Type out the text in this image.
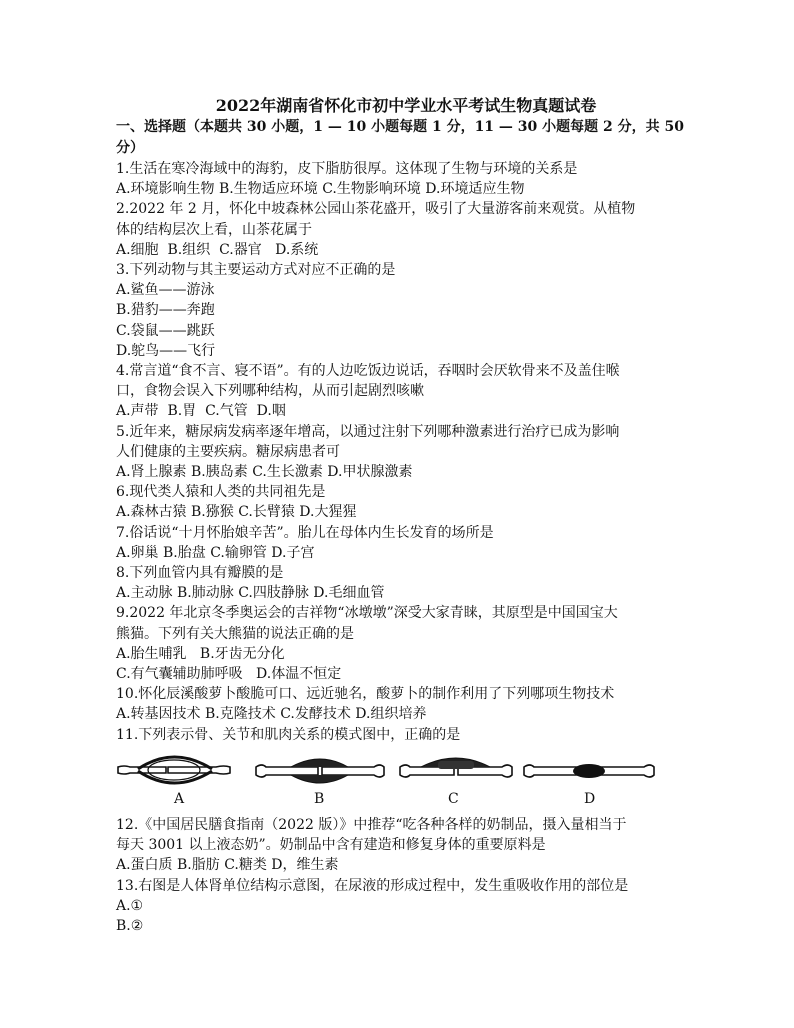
2022年湖南省怀化市初中学业水平考试生物真题试卷

一、选择题（本题共 30 小题，1 — 10 小题每题 1 分，11 — 30 小题每题 2 分，共 50 分）
1.生活在寒冷海域中的海豹，皮下脂肪很厚。这体现了生物与环境的关系是
A.环境影响生物 B.生物适应环境 C.生物影响环境 D.环境适应生物
2.2022 年 2 月，怀化中坡森林公园山茶花盛开，吸引了大量游客前来观赏。从植物
体的结构层次上看，山茶花属于
A.细胞  B.组织  C.器官   D.系统
3.下列动物与其主要运动方式对应不正确的是
A.鲨鱼——游泳
B.猎豹——奔跑
C.袋鼠——跳跃
D.鸵鸟——飞行
4.常言道“食不言、寝不语”。有的人边吃饭边说话，吞咽时会厌软骨来不及盖住喉
口，食物会误入下列哪种结构，从而引起剧烈咳嗽
A.声带  B.胃  C.气管  D.咽
5.近年来，糖尿病发病率逐年增高，以通过注射下列哪种激素进行治疗已成为影响
人们健康的主要疾病。糖尿病患者可
A.肾上腺素 B.胰岛素 C.生长激素 D.甲状腺激素
6.现代类人猿和人类的共同祖先是
A.森林古猿 B.猕猴 C.长臂猿 D.大猩猩
7.俗话说“十月怀胎娘辛苦”。胎儿在母体内生长发育的场所是
A.卵巢 B.胎盘 C.输卵管 D.子宫
8.下列血管内具有瓣膜的是
A.主动脉 B.肺动脉 C.四肢静脉 D.毛细血管
9.2022 年北京冬季奥运会的吉祥物“冰墩墩”深受大家青睐，其原型是中国国宝大
熊猫。下列有关大熊猫的说法正确的是
A.胎生哺乳   B.牙齿无分化
C.有气囊辅助肺呼吸   D.体温不恒定
10.怀化辰溪酸萝卜酸脆可口、远近驰名，酸萝卜的制作利用了下列哪项生物技术
A.转基因技术 B.克隆技术 C.发酵技术 D.组织培养
11.下列表示骨、关节和肌肉关系的模式图中，正确的是
A	B	C	D
12.《中国居民膳食指南（2022 版）》中推荐“吃各种各样的奶制品，摄入量相当于
每天 3001 以上液态奶”。奶制品中含有建造和修复身体的重要原料是
A.蛋白质 B.脂肪 C.糖类 D，维生素
13.右图是人体肾单位结构示意图，在尿液的形成过程中，发生重吸收作用的部位是
A.①
B.②
